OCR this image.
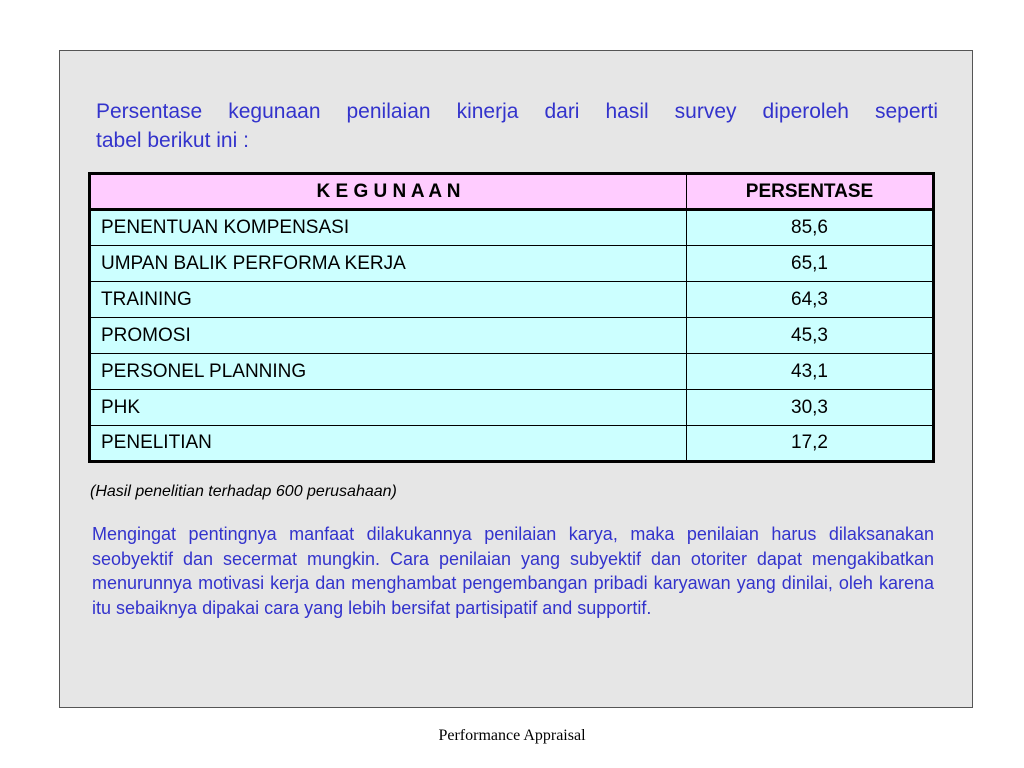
Persentase kegunaan penilaian kinerja dari hasil survey diperoleh seperti
tabel berikut ini :

K E G U N A A N	PERSENTASE
PENENTUAN KOMPENSASI	85,6
UMPAN BALIK PERFORMA KERJA	65,1
TRAINING	64,3
PROMOSI	45,3
PERSONEL PLANNING	43,1
PHK	30,3
PENELITIAN	17,2

(Hasil penelitian terhadap 600 perusahaan)

Mengingat pentingnya manfaat dilakukannya penilaian karya, maka penilaian harus dilaksanakan seobyektif dan secermat mungkin. Cara penilaian yang subyektif dan otoriter dapat mengakibatkan menurunnya motivasi kerja dan menghambat pengembangan pribadi karyawan yang dinilai, oleh karena itu sebaiknya dipakai cara yang lebih bersifat partisipatif and supportif.

Performance Appraisal
